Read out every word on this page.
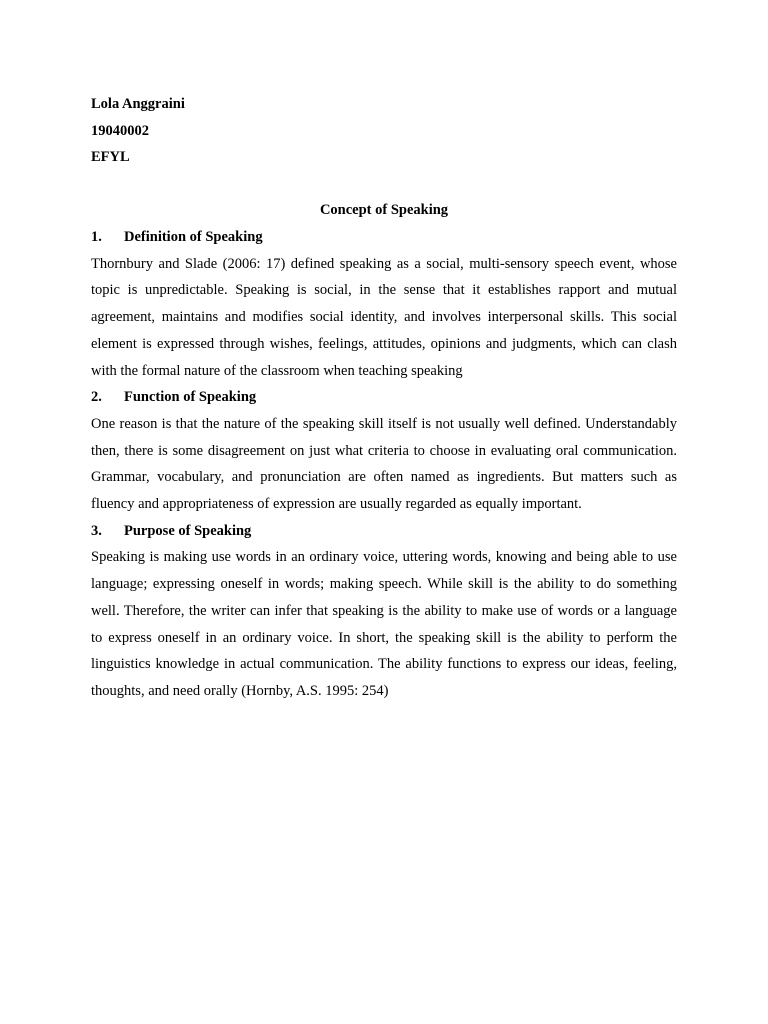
Lola Anggraini
19040002
EFYL
Concept of Speaking
1.	Definition of Speaking

Thornbury and Slade (2006: 17) defined speaking as a social, multi-sensory speech event, whose topic is unpredictable. Speaking is social, in the sense that it establishes rapport and mutual agreement, maintains and modifies social identity, and involves interpersonal skills. This social element is expressed through wishes, feelings, attitudes, opinions and judgments, which can clash with the formal nature of the classroom when teaching speaking

2.	Function of Speaking

One reason is that the nature of the speaking skill itself is not usually well defined. Understandably then, there is some disagreement on just what criteria to choose in evaluating oral communication. Grammar, vocabulary, and pronunciation are often named as ingredients. But matters such as fluency and appropriateness of expression are usually regarded as equally important.

3.	Purpose of Speaking

Speaking is making use words in an ordinary voice, uttering words, knowing and being able to use language; expressing oneself in words; making speech. While skill is the ability to do something well. Therefore, the writer can infer that speaking is the ability to make use of words or a language to express oneself in an ordinary voice. In short, the speaking skill is the ability to perform the linguistics knowledge in actual communication. The ability functions to express our ideas, feeling, thoughts, and need orally (Hornby, A.S. 1995: 254)
